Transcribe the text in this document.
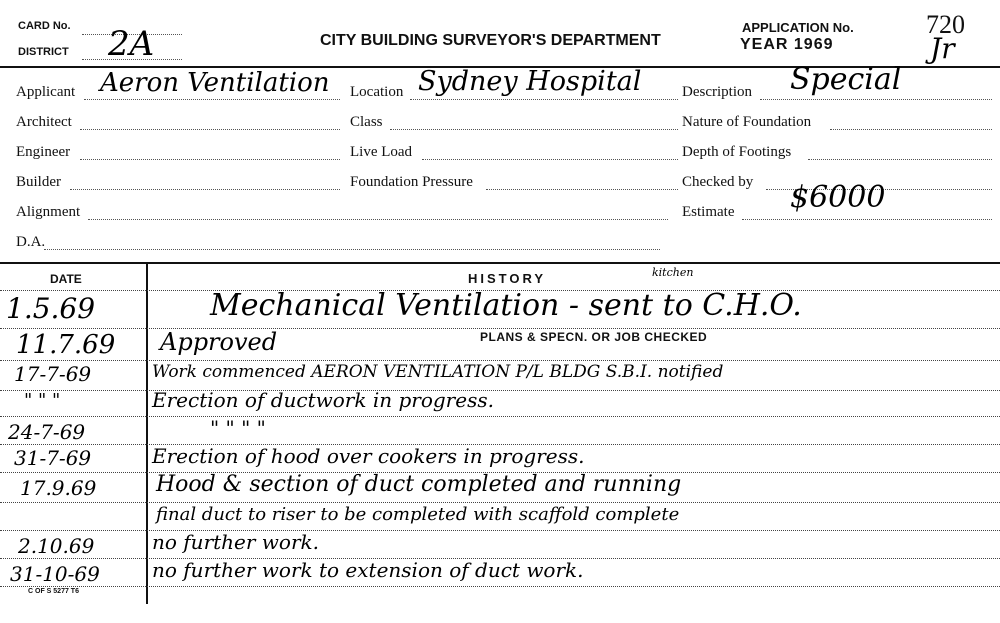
CARD No.
DISTRICT 2A	CITY BUILDING SURVEYOR'S DEPARTMENT
APPLICATION No.
YEAR 1969
720
Jr
Applicant Aeron Ventilation
Architect
Engineer
Builder
Alignment
D.A.
Location Sydney Hospital
Class
Live Load
Foundation Pressure
Description Special
Nature of Foundation
Depth of Footings
Checked by
Estimate $6000
DATE	HISTORY	kitchen
PLANS & SPECN. OR JOB CHECKED
1.5.69	Mechanical Ventilation - sent to C.H.O.
11.7.69 Approved
17-7-69	Work commenced AERON VENTILATION P/L BLDG S.B.I. notified
" " "	Erection of ductwork in progress.
24-7-69	" " " "
31-7-69	Erection of hood over cookers in progress.
17.9.69	Hood & section of duct completed and running
final duct to riser to be completed with scaffold complete
2.10.69	no further work.
31-10-69	no further work to extension of duct work.
C OF S 5277 T6
